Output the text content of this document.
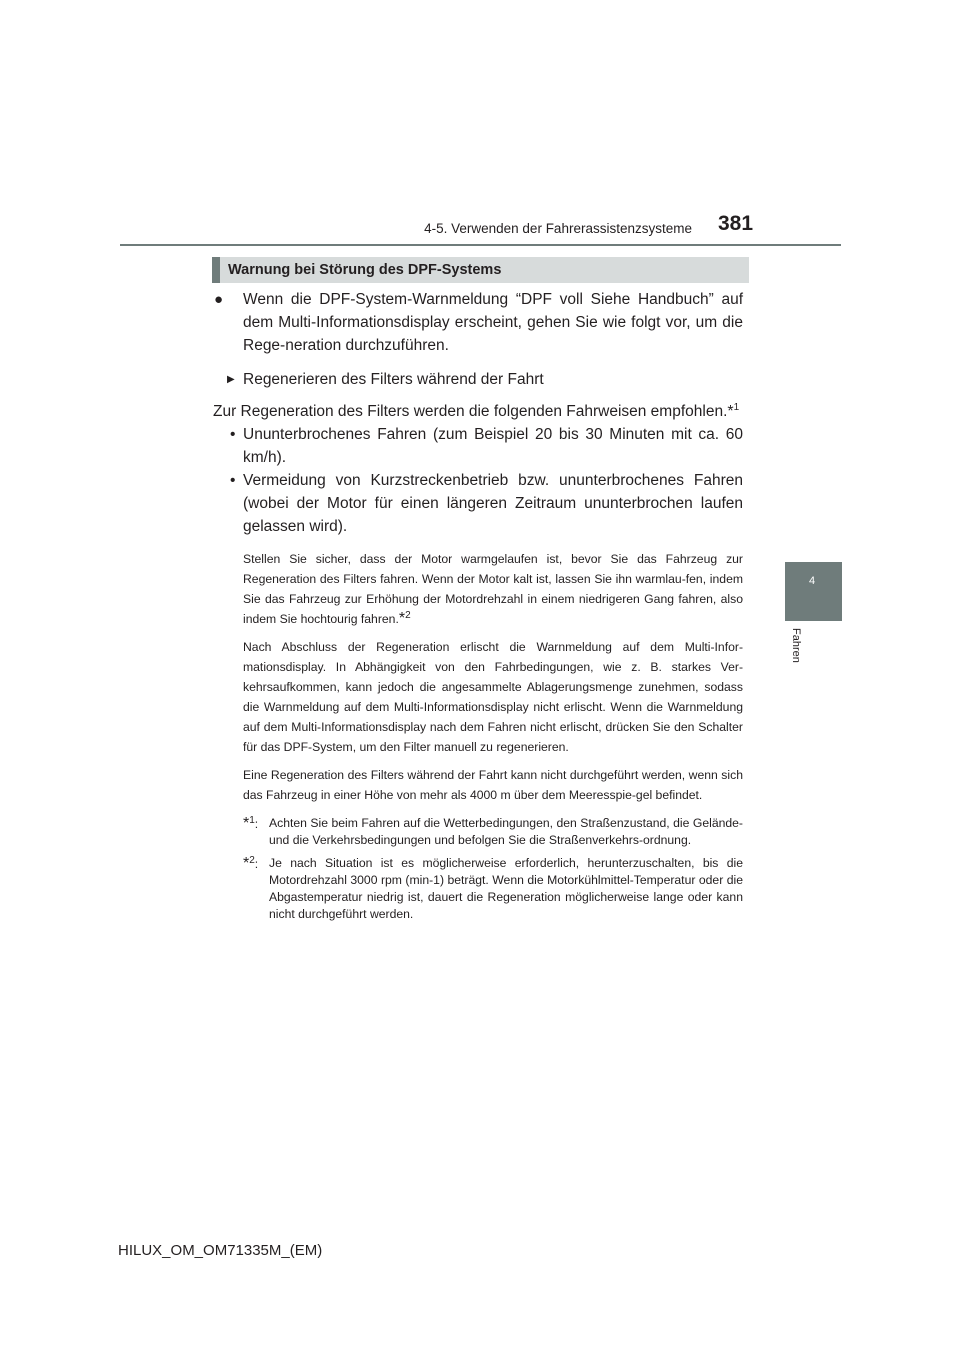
4-5. Verwenden der Fahrerassistenzsysteme 381
4
Fahren
Warnung bei Störung des DPF-Systems
● Wenn die DPF-System-Warnmeldung “DPF voll Siehe Handbuch” auf dem Multi-Informationsdisplay erscheint, gehen Sie wie folgt vor, um die Rege-neration durchzuführen.
▶ Regenerieren des Filters während der Fahrt
Zur Regeneration des Filters werden die folgenden Fahrweisen empfohlen.*$^1$
• Ununterbrochenes Fahren (zum Beispiel 20 bis 30 Minuten mit ca. 60 km/h).
• Vermeidung von Kurzstreckenbetrieb bzw. ununterbrochenes Fahren (wobei der Motor für einen längeren Zeitraum ununterbrochen laufen gelassen wird).
Stellen Sie sicher, dass der Motor warmgelaufen ist, bevor Sie das Fahrzeug zur Regeneration des Filters fahren. Wenn der Motor kalt ist, lassen Sie ihn warmlau-fen, indem Sie das Fahrzeug zur Erhöhung der Motordrehzahl in einem niedrigeren Gang fahren, also indem Sie hochtourig fahren.*$^2$
Nach Abschluss der Regeneration erlischt die Warnmeldung auf dem Multi-Infor-mationsdisplay. In Abhängigkeit von den Fahrbedingungen, wie z. B. starkes Ver-kehrsaufkommen, kann jedoch die angesammelte Ablagerungsmenge zunehmen, sodass die Warnmeldung auf dem Multi-Informationsdisplay nicht erlischt. Wenn die Warnmeldung auf dem Multi-Informationsdisplay nach dem Fahren nicht erlischt, drücken Sie den Schalter für das DPF-System, um den Filter manuell zu regenerieren.
Eine Regeneration des Filters während der Fahrt kann nicht durchgeführt werden, wenn sich das Fahrzeug in einer Höhe von mehr als 4000 m über dem Meeresspie-gel befindet.
*$^1$: Achten Sie beim Fahren auf die Wetterbedingungen, den Straßenzustand, die Gelände- und die Verkehrsbedingungen und befolgen Sie die Straßenverkehrs-ordnung.
*$^2$: Je nach Situation ist es möglicherweise erforderlich, herunterzuschalten, bis die Motordrehzahl 3000 rpm (min-1) beträgt. Wenn die Motorkühlmittel-Temperatur oder die Abgastemperatur niedrig ist, dauert die Regeneration möglicherweise lange oder kann nicht durchgeführt werden.
HILUX_OM_OM71335M_(EM)
